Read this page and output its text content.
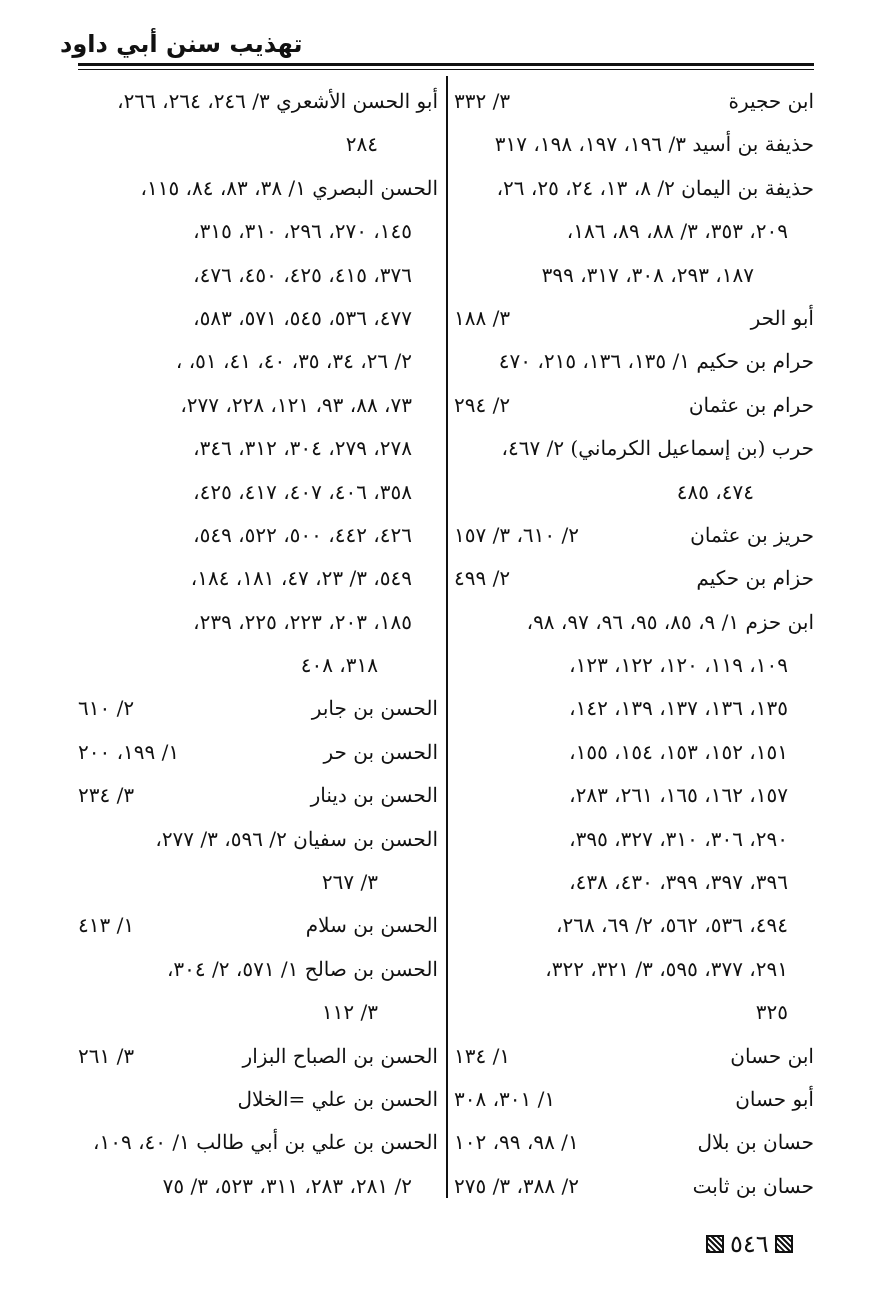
تهذيب سنن أبي داود
ابن حجيرة
٣/ ٣٣٢
حذيفة بن أسيد ٣/ ١٩٦، ١٩٧، ١٩٨، ٣١٧
حذيفة بن اليمان ٢/ ٨، ١٣، ٢٤، ٢٥، ٢٦،
٢٠٩، ٣٥٣، ٣/ ٨٨، ٨٩، ١٨٦،
١٨٧، ٢٩٣، ٣٠٨، ٣١٧، ٣٩٩
أبو الحر
٣/ ١٨٨
حرام بن حكيم ١/ ١٣٥، ١٣٦، ٢١٥، ٤٧٠
حرام بن عثمان
٢/ ٢٩٤
حرب (بن إسماعيل الكرماني) ٢/ ٤٦٧،
٤٧٤، ٤٨٥
حريز بن عثمان
٢/ ٦١٠، ٣/ ١٥٧
حزام بن حكيم
٢/ ٤٩٩
ابن حزم ١/ ٩، ٨٥، ٩٥، ٩٦، ٩٧، ٩٨،
١٠٩، ١١٩، ١٢٠، ١٢٢، ١٢٣،
١٣٥، ١٣٦، ١٣٧، ١٣٩، ١٤٢،
١٥١، ١٥٢، ١٥٣، ١٥٤، ١٥٥،
١٥٧، ١٦٢، ١٦٥، ٢٦١، ٢٨٣،
٢٩٠، ٣٠٦، ٣١٠، ٣٢٧، ٣٩٥،
٣٩٦، ٣٩٧، ٣٩٩، ٤٣٠، ٤٣٨،
٤٩٤، ٥٣٦، ٥٦٢، ٢/ ٦٩، ٢٦٨،
٢٩١، ٣٧٧، ٥٩٥، ٣/ ٣٢١، ٣٢٢،
٣٢٥
ابن حسان
١/ ١٣٤
أبو حسان
١/ ٣٠١، ٣٠٨
حسان بن بلال
١/ ٩٨، ٩٩، ١٠٢
حسان بن ثابت
٢/ ٣٨٨، ٣/ ٢٧٥
أبو الحسن الأشعري ٣/ ٢٤٦، ٢٦٤، ٢٦٦،
٢٨٤
الحسن البصري ١/ ٣٨، ٨٣، ٨٤، ١١٥،
١٤٥، ٢٧٠، ٢٩٦، ٣١٠، ٣١٥،
٣٧٦، ٤١٥، ٤٢٥، ٤٥٠، ٤٧٦،
٤٧٧، ٥٣٦، ٥٤٥، ٥٧١، ٥٨٣،
٢/ ٢٦، ٣٤، ٣٥، ٤٠، ٤١، ٥١، ،
٧٣، ٨٨، ٩٣، ١٢١، ٢٢٨، ٢٧٧،
٢٧٨، ٢٧٩، ٣٠٤، ٣١٢، ٣٤٦،
٣٥٨، ٤٠٦، ٤٠٧، ٤١٧، ٤٢٥،
٤٢٦، ٤٤٢، ٥٠٠، ٥٢٢، ٥٤٩،
٥٤٩، ٣/ ٢٣، ٤٧، ١٨١، ١٨٤،
١٨٥، ٢٠٣، ٢٢٣، ٢٢٥، ٢٣٩،
٣١٨، ٤٠٨
الحسن بن جابر
٢/ ٦١٠
الحسن بن حر
١/ ١٩٩، ٢٠٠
الحسن بن دينار
٣/ ٢٣٤
الحسن بن سفيان ٢/ ٥٩٦، ٣/ ٢٧٧،
٣/ ٢٦٧
الحسن بن سلام
١/ ٤١٣
الحسن بن صالح ١/ ٥٧١، ٢/ ٣٠٤،
٣/ ١١٢
الحسن بن الصباح البزار
٣/ ٢٦١
الحسن بن علي =الخلال
الحسن بن علي بن أبي طالب ١/ ٤٠، ١٠٩،
٢/ ٢٨١، ٢٨٣، ٣١١، ٥٢٣، ٣/ ٧٥
٥٤٦
